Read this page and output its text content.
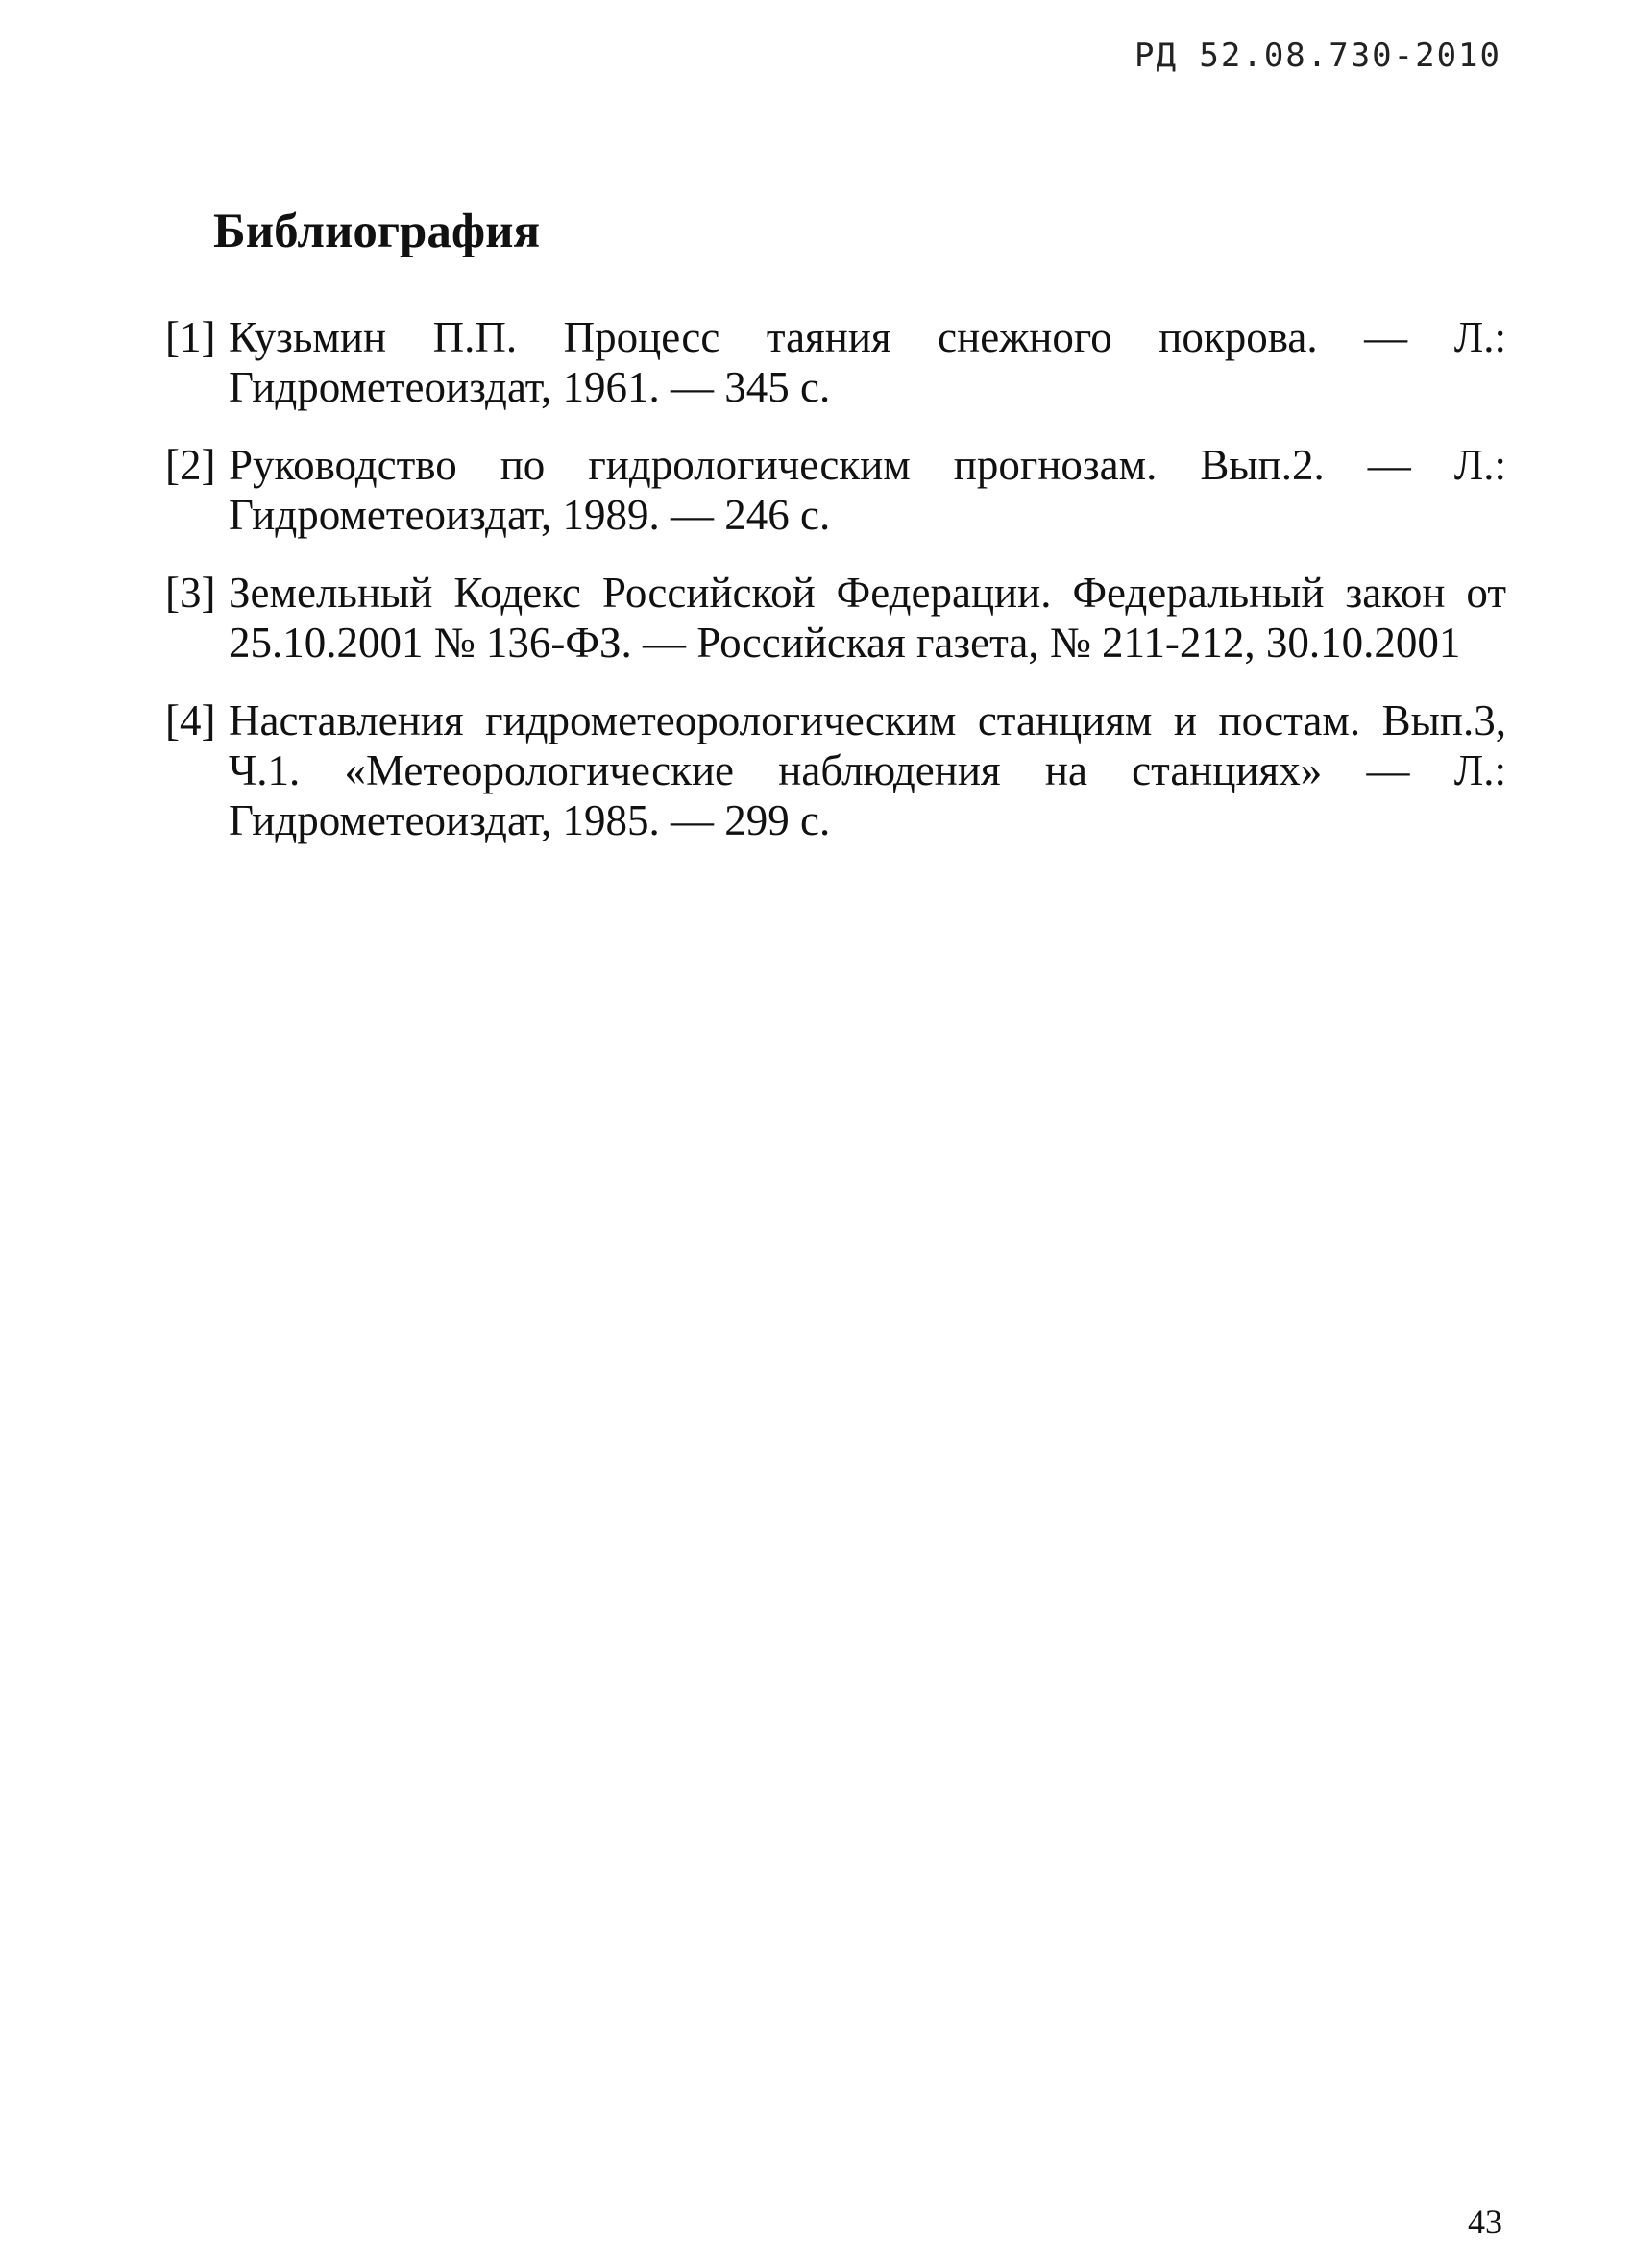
РД 52.08.730-2010
Библиография
[1] Кузьмин П.П. Процесс таяния снежного покрова. — Л.: Гидрометеоиздат, 1961. — 345 с.
[2] Руководство по гидрологическим прогнозам. Вып.2. — Л.: Гидрометеоиздат, 1989. — 246 с.
[3] Земельный Кодекс Российской Федерации. Федеральный закон от 25.10.2001 № 136-ФЗ. — Российская газета, № 211-212, 30.10.2001
[4] Наставления гидрометеорологическим станциям и постам. Вып.3, Ч.1. «Метеорологические наблюдения на станциях» — Л.: Гидрометеоиздат, 1985. — 299 с.
43
